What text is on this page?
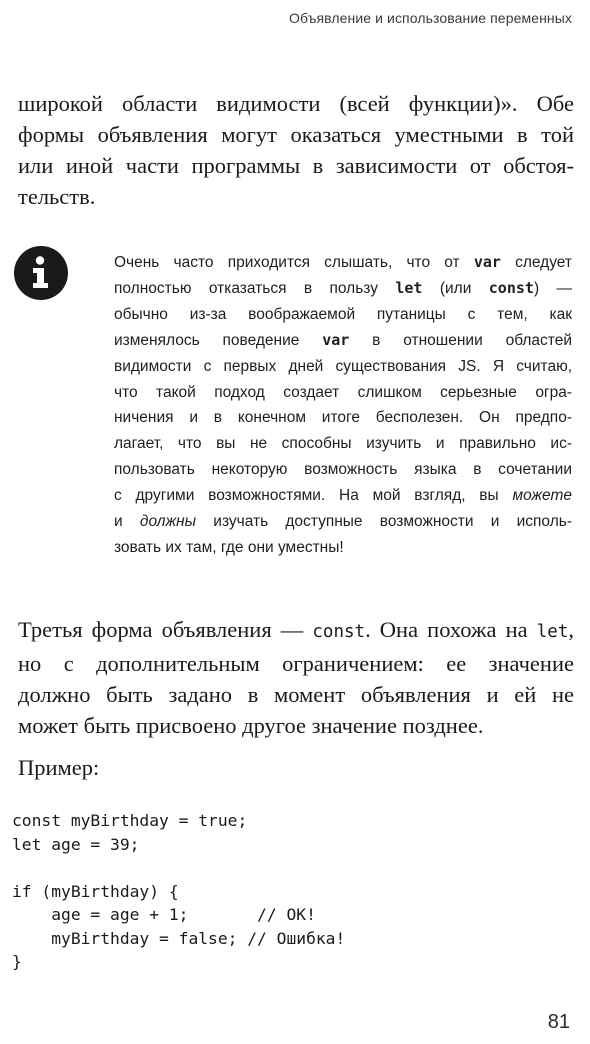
Объявление и использование переменных

широкой области видимости (всей функции)». Обе
формы объявления могут оказаться уместными в той
или иной части программы в зависимости от обстоя-
тельств.

Очень часто приходится слышать, что от var следует
полностью отказаться в пользу let (или const) —
обычно из-за воображаемой путаницы с тем, как
изменялось поведение var в отношении областей
видимости с первых дней существования JS. Я считаю,
что такой подход создает слишком серьезные огра-
ничения и в конечном итоге бесполезен. Он предпо-
лагает, что вы не способны изучить и правильно ис-
пользовать некоторую возможность языка в сочетании
с другими возможностями. На мой взгляд, вы можете
и должны изучать доступные возможности и исполь-
зовать их там, где они уместны!

Третья форма объявления — const. Она похожа на let,
но с дополнительным ограничением: ее значение
должно быть задано в момент объявления и ей не
может быть присвоено другое значение позднее.

Пример:

const myBirthday = true;
let age = 39;
if (myBirthday) {
age = age + 1;       // OK!
myBirthday = false; // Ошибка!
}
81
